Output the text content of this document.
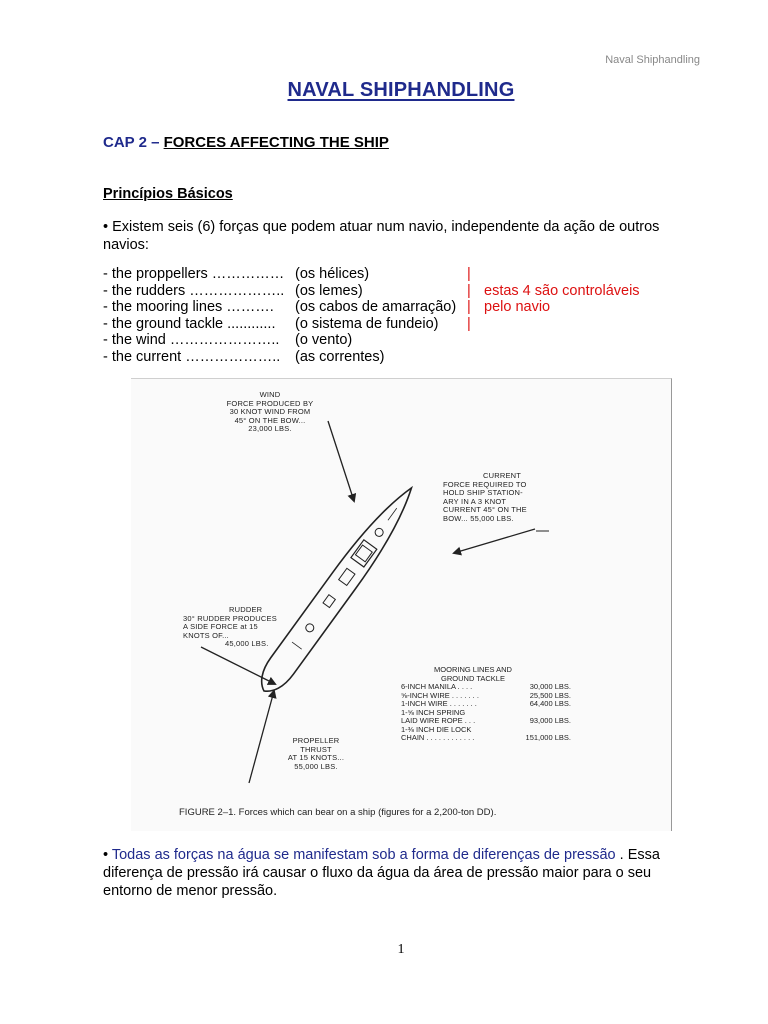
Naval Shiphandling
NAVAL SHIPHANDLING
CAP 2 – FORCES AFFECTING THE SHIP
Princípios Básicos
• Existem seis (6) forças que podem atuar num navio, independente da ação de outros navios:
- the proppellers …………… (os hélices)	|
- the rudders ……………….. (os lemes)	| estas 4 são controláveis
- the mooring lines ………. (os cabos de amarração) | pelo navio
- the ground tackle ............ (o sistema de fundeio) |
- the wind ………………….. (o vento)
- the current ……………….. (as correntes)
WIND
FORCE PRODUCED BY
30 KNOT WIND FROM
45° ON THE BOW...
23,000 LBS.
CURRENT
FORCE REQUIRED TO
HOLD SHIP STATION-
ARY IN A 3 KNOT
CURRENT 45° ON THE
BOW... 55,000 LBS.
RUDDER
30° RUDDER PRODUCES
A SIDE FORCE at 15
KNOTS OF...
45,000 LBS.
PROPELLER
THRUST
AT 15 KNOTS...
55,000 LBS.
MOORING LINES AND
GROUND TACKLE
6-INCH MANILA . . . .	30,000 LBS.
⅝-INCH WIRE . . . . . . .	25,500 LBS.
1-INCH WIRE . . . . . . .	64,400 LBS.
1-⅝ INCH SPRING
LAID WIRE ROPE . . .	93,000 LBS.
1-⅜ INCH DIE LOCK
CHAIN . . . . . . . . . . . .	151,000 LBS.
FIGURE 2–1. Forces which can bear on a ship (figures for a 2,200-ton DD).
• Todas as forças na água se manifestam sob a forma de diferenças de pressão . Essa diferença de pressão irá causar o fluxo da água da área de pressão maior para o seu entorno de menor pressão.
1
